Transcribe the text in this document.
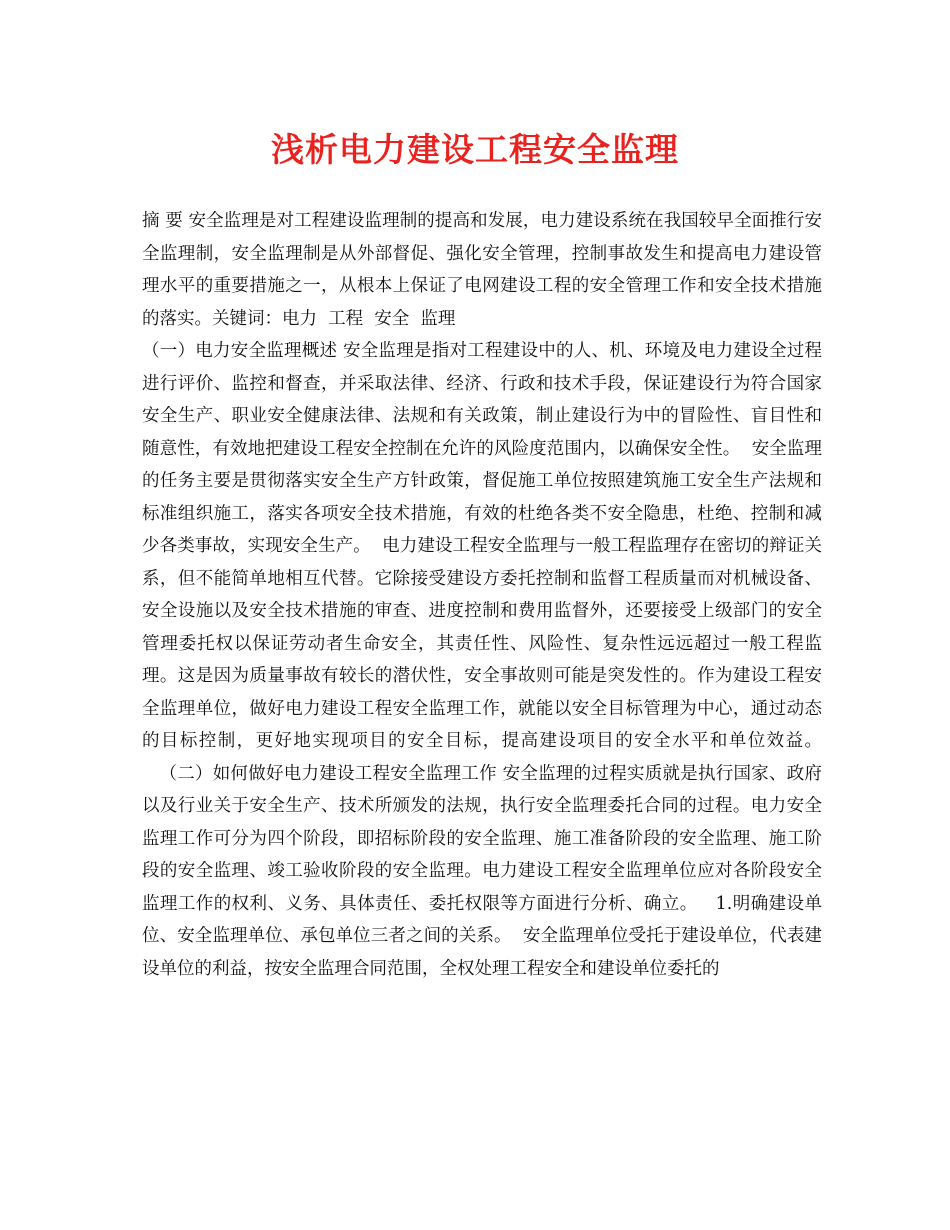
浅析电力建设工程安全监理

摘 要 安全监理是对工程建设监理制的提高和发展，电力建设系统在我国较早全面推行安全监理制，安全监理制是从外部督促、强化安全管理，控制事故发生和提高电力建设管理水平的重要措施之一，从根本上保证了电网建设工程的安全管理工作和安全技术措施的落实。关键词：电力  工程  安全  监理
（一）电力安全监理概述 安全监理是指对工程建设中的人、机、环境及电力建设全过程进行评价、监控和督查，并采取法律、经济、行政和技术手段，保证建设行为符合国家安全生产、职业安全健康法律、法规和有关政策，制止建设行为中的冒险性、盲目性和随意性，有效地把建设工程安全控制在允许的风险度范围内，以确保安全性。 安全监理的任务主要是贯彻落实安全生产方针政策，督促施工单位按照建筑施工安全生产法规和标准组织施工，落实各项安全技术措施，有效的杜绝各类不安全隐患，杜绝、控制和减少各类事故，实现安全生产。 电力建设工程安全监理与一般工程监理存在密切的辩证关系，但不能简单地相互代替。它除接受建设方委托控制和监督工程质量而对机械设备、安全设施以及安全技术措施的审查、进度控制和费用监督外，还要接受上级部门的安全管理委托权以保证劳动者生命安全，其责任性、风险性、复杂性远远超过一般工程监理。这是因为质量事故有较长的潜伏性，安全事故则可能是突发性的。作为建设工程安全监理单位，做好电力建设工程安全监理工作，就能以安全目标管理为中心，通过动态的目标控制，更好地实现项目的安全目标，提高建设项目的安全水平和单位效益。   （二）如何做好电力建设工程安全监理工作 安全监理的过程实质就是执行国家、政府以及行业关于安全生产、技术所颁发的法规，执行安全监理委托合同的过程。电力安全监理工作可分为四个阶段，即招标阶段的安全监理、施工准备阶段的安全监理、施工阶段的安全监理、竣工验收阶段的安全监理。电力建设工程安全监理单位应对各阶段安全监理工作的权利、义务、具体责任、委托权限等方面进行分析、确立。 1.明确建设单位、安全监理单位、承包单位三者之间的关系。 安全监理单位受托于建设单位，代表建设单位的利益，按安全监理合同范围，全权处理工程安全和建设单位委托的
